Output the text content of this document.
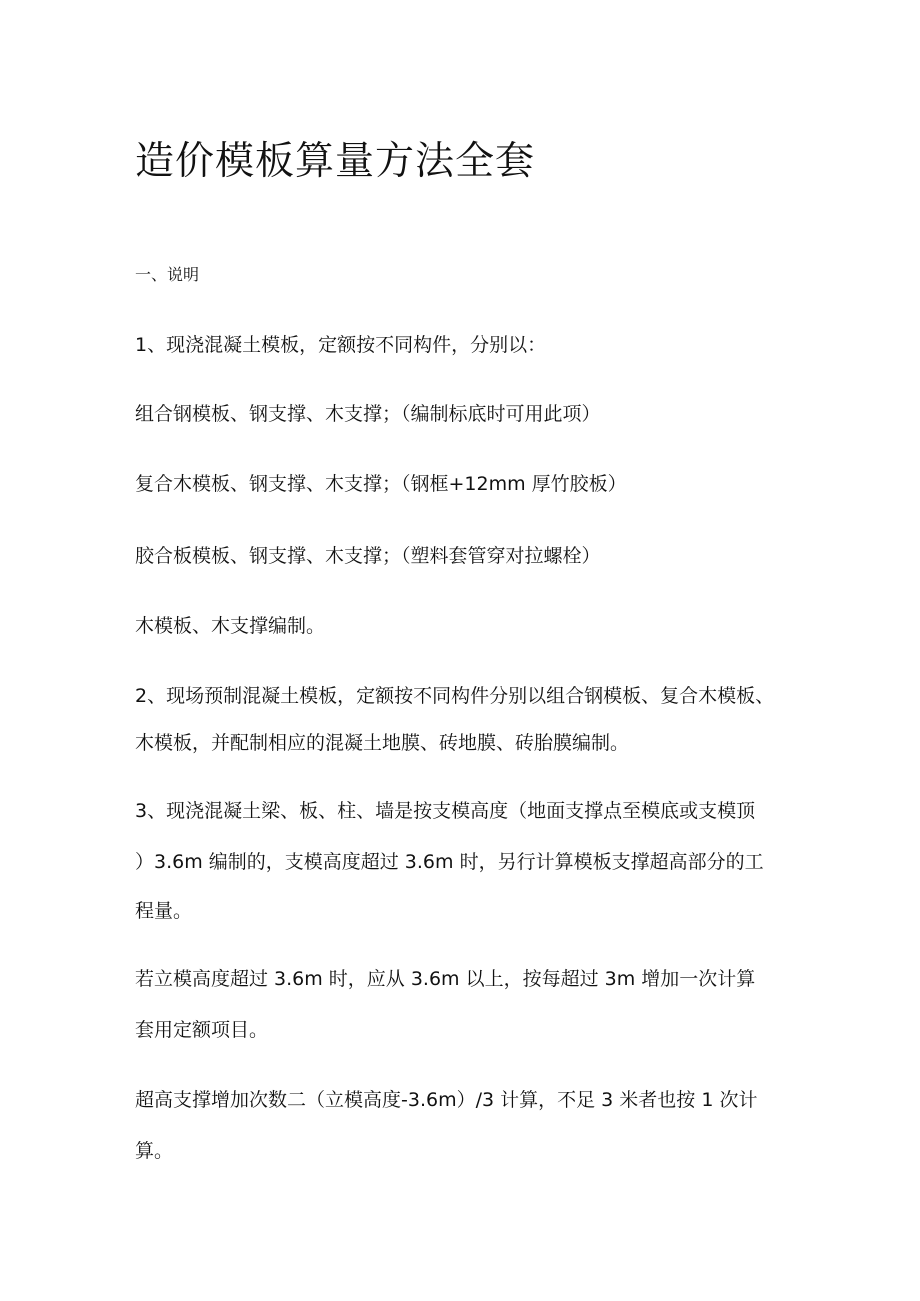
造价模板算量方法全套
一、说明
1、现浇混凝土模板，定额按不同构件，分别以：
组合钢模板、钢支撑、木支撑；（编制标底时可用此项）
复合木模板、钢支撑、木支撑；（钢框+12mm 厚竹胶板）
胶合板模板、钢支撑、木支撑；（塑料套管穿对拉螺栓）
木模板、木支撑编制。
2、现场预制混凝土模板，定额按不同构件分别以组合钢模板、复合木模板、
木模板，并配制相应的混凝土地膜、砖地膜、砖胎膜编制。
3、现浇混凝土梁、板、柱、墙是按支模高度（地面支撑点至模底或支模顶
）3.6m 编制的，支模高度超过 3.6m 时，另行计算模板支撑超高部分的工
程量。
若立模高度超过 3.6m 时，应从 3.6m 以上，按每超过 3m 增加一次计算
套用定额项目。
超高支撑增加次数二（立模高度-3.6m）/3 计算，不足 3 米者也按 1 次计
算。
